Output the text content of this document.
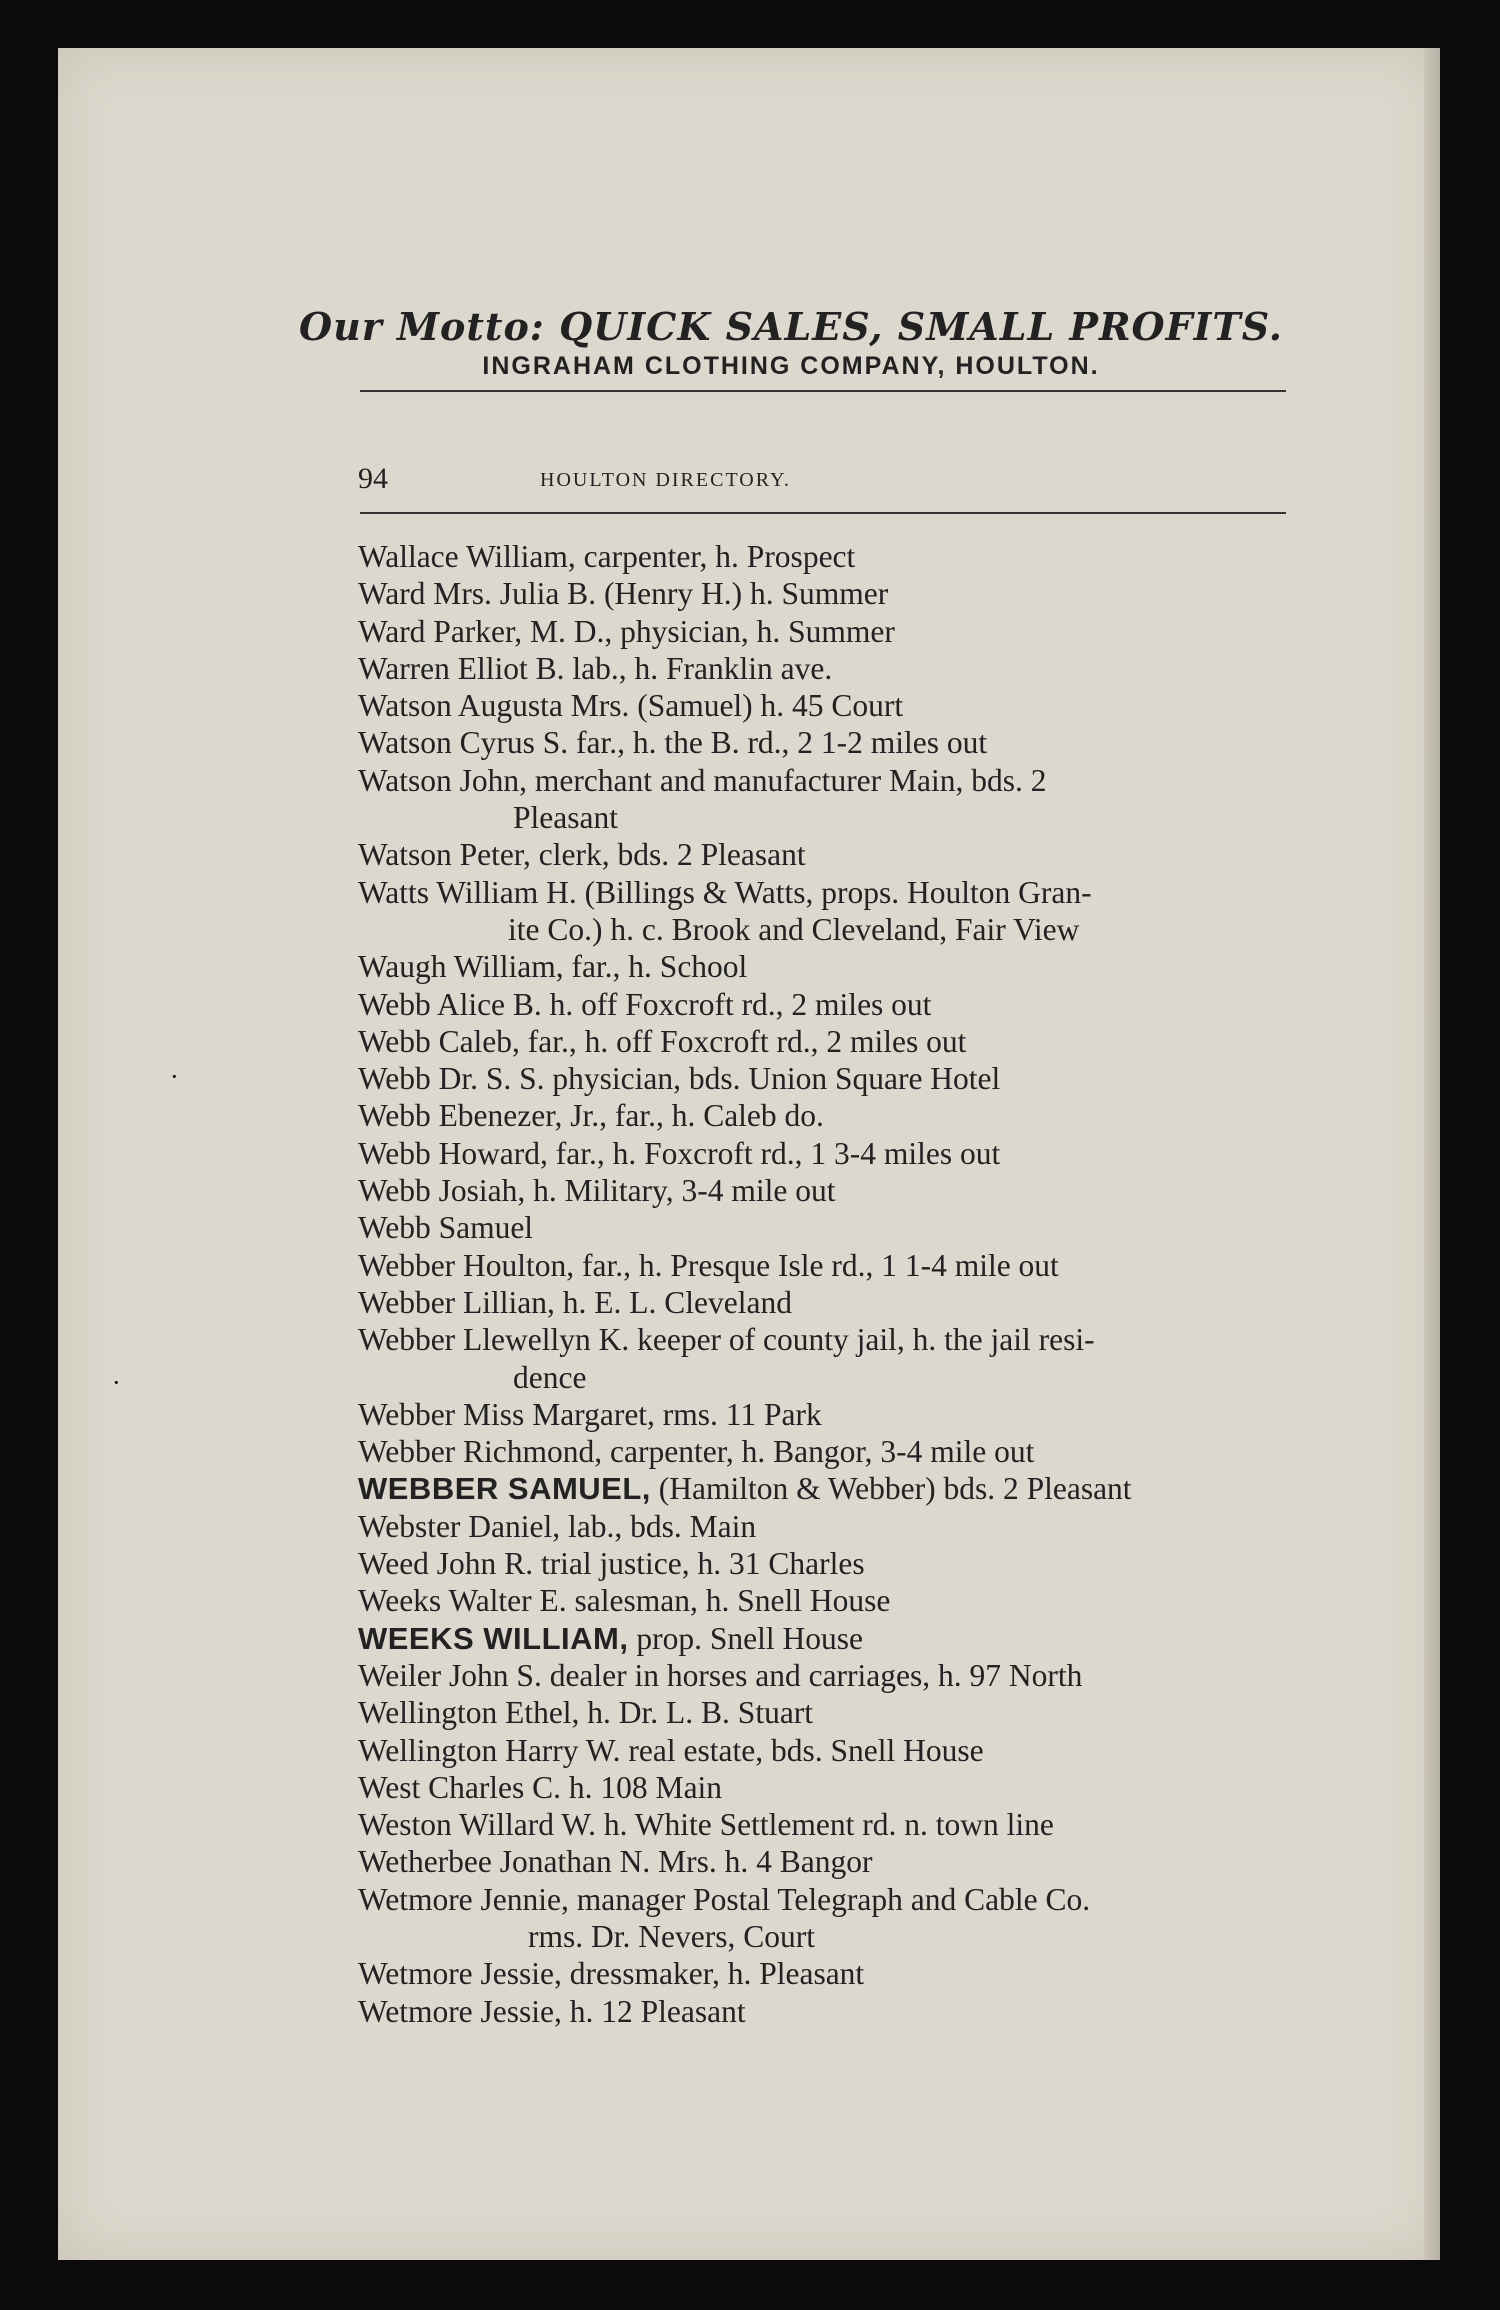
Our Motto: QUICK SALES, SMALL PROFITS.
INGRAHAM CLOTHING COMPANY, HOULTON.
94	HOULTON DIRECTORY.
Wallace William, carpenter, h. Prospect
Ward Mrs. Julia B. (Henry H.) h. Summer
Ward Parker, M. D., physician, h. Summer
Warren Elliot B. lab., h. Franklin ave.
Watson Augusta Mrs. (Samuel) h. 45 Court
Watson Cyrus S. far., h. the B. rd., 2 1-2 miles out
Watson John, merchant and manufacturer Main, bds. 2
Pleasant
Watson Peter, clerk, bds. 2 Pleasant
Watts William H. (Billings & Watts, props. Houlton Gran-
ite Co.) h. c. Brook and Cleveland, Fair View
Waugh William, far., h. School
Webb Alice B. h. off Foxcroft rd., 2 miles out
Webb Caleb, far., h. off Foxcroft rd., 2 miles out
Webb Dr. S. S. physician, bds. Union Square Hotel
Webb Ebenezer, Jr., far., h. Caleb do.
Webb Howard, far., h. Foxcroft rd., 1 3-4 miles out
Webb Josiah, h. Military, 3-4 mile out
Webb Samuel
Webber Houlton, far., h. Presque Isle rd., 1 1-4 mile out
Webber Lillian, h. E. L. Cleveland
Webber Llewellyn K. keeper of county jail, h. the jail resi-
dence
Webber Miss Margaret, rms. 11 Park
Webber Richmond, carpenter, h. Bangor, 3-4 mile out
WEBBER SAMUEL, (Hamilton & Webber) bds. 2 Pleasant
Webster Daniel, lab., bds. Main
Weed John R. trial justice, h. 31 Charles
Weeks Walter E. salesman, h. Snell House
WEEKS WILLIAM, prop. Snell House
Weiler John S. dealer in horses and carriages, h. 97 North
Wellington Ethel, h. Dr. L. B. Stuart
Wellington Harry W. real estate, bds. Snell House
West Charles C. h. 108 Main
Weston Willard W. h. White Settlement rd. n. town line
Wetherbee Jonathan N. Mrs. h. 4 Bangor
Wetmore Jennie, manager Postal Telegraph and Cable Co.
rms. Dr. Nevers, Court
Wetmore Jessie, dressmaker, h. Pleasant
Wetmore Jessie, h. 12 Pleasant
·
·
